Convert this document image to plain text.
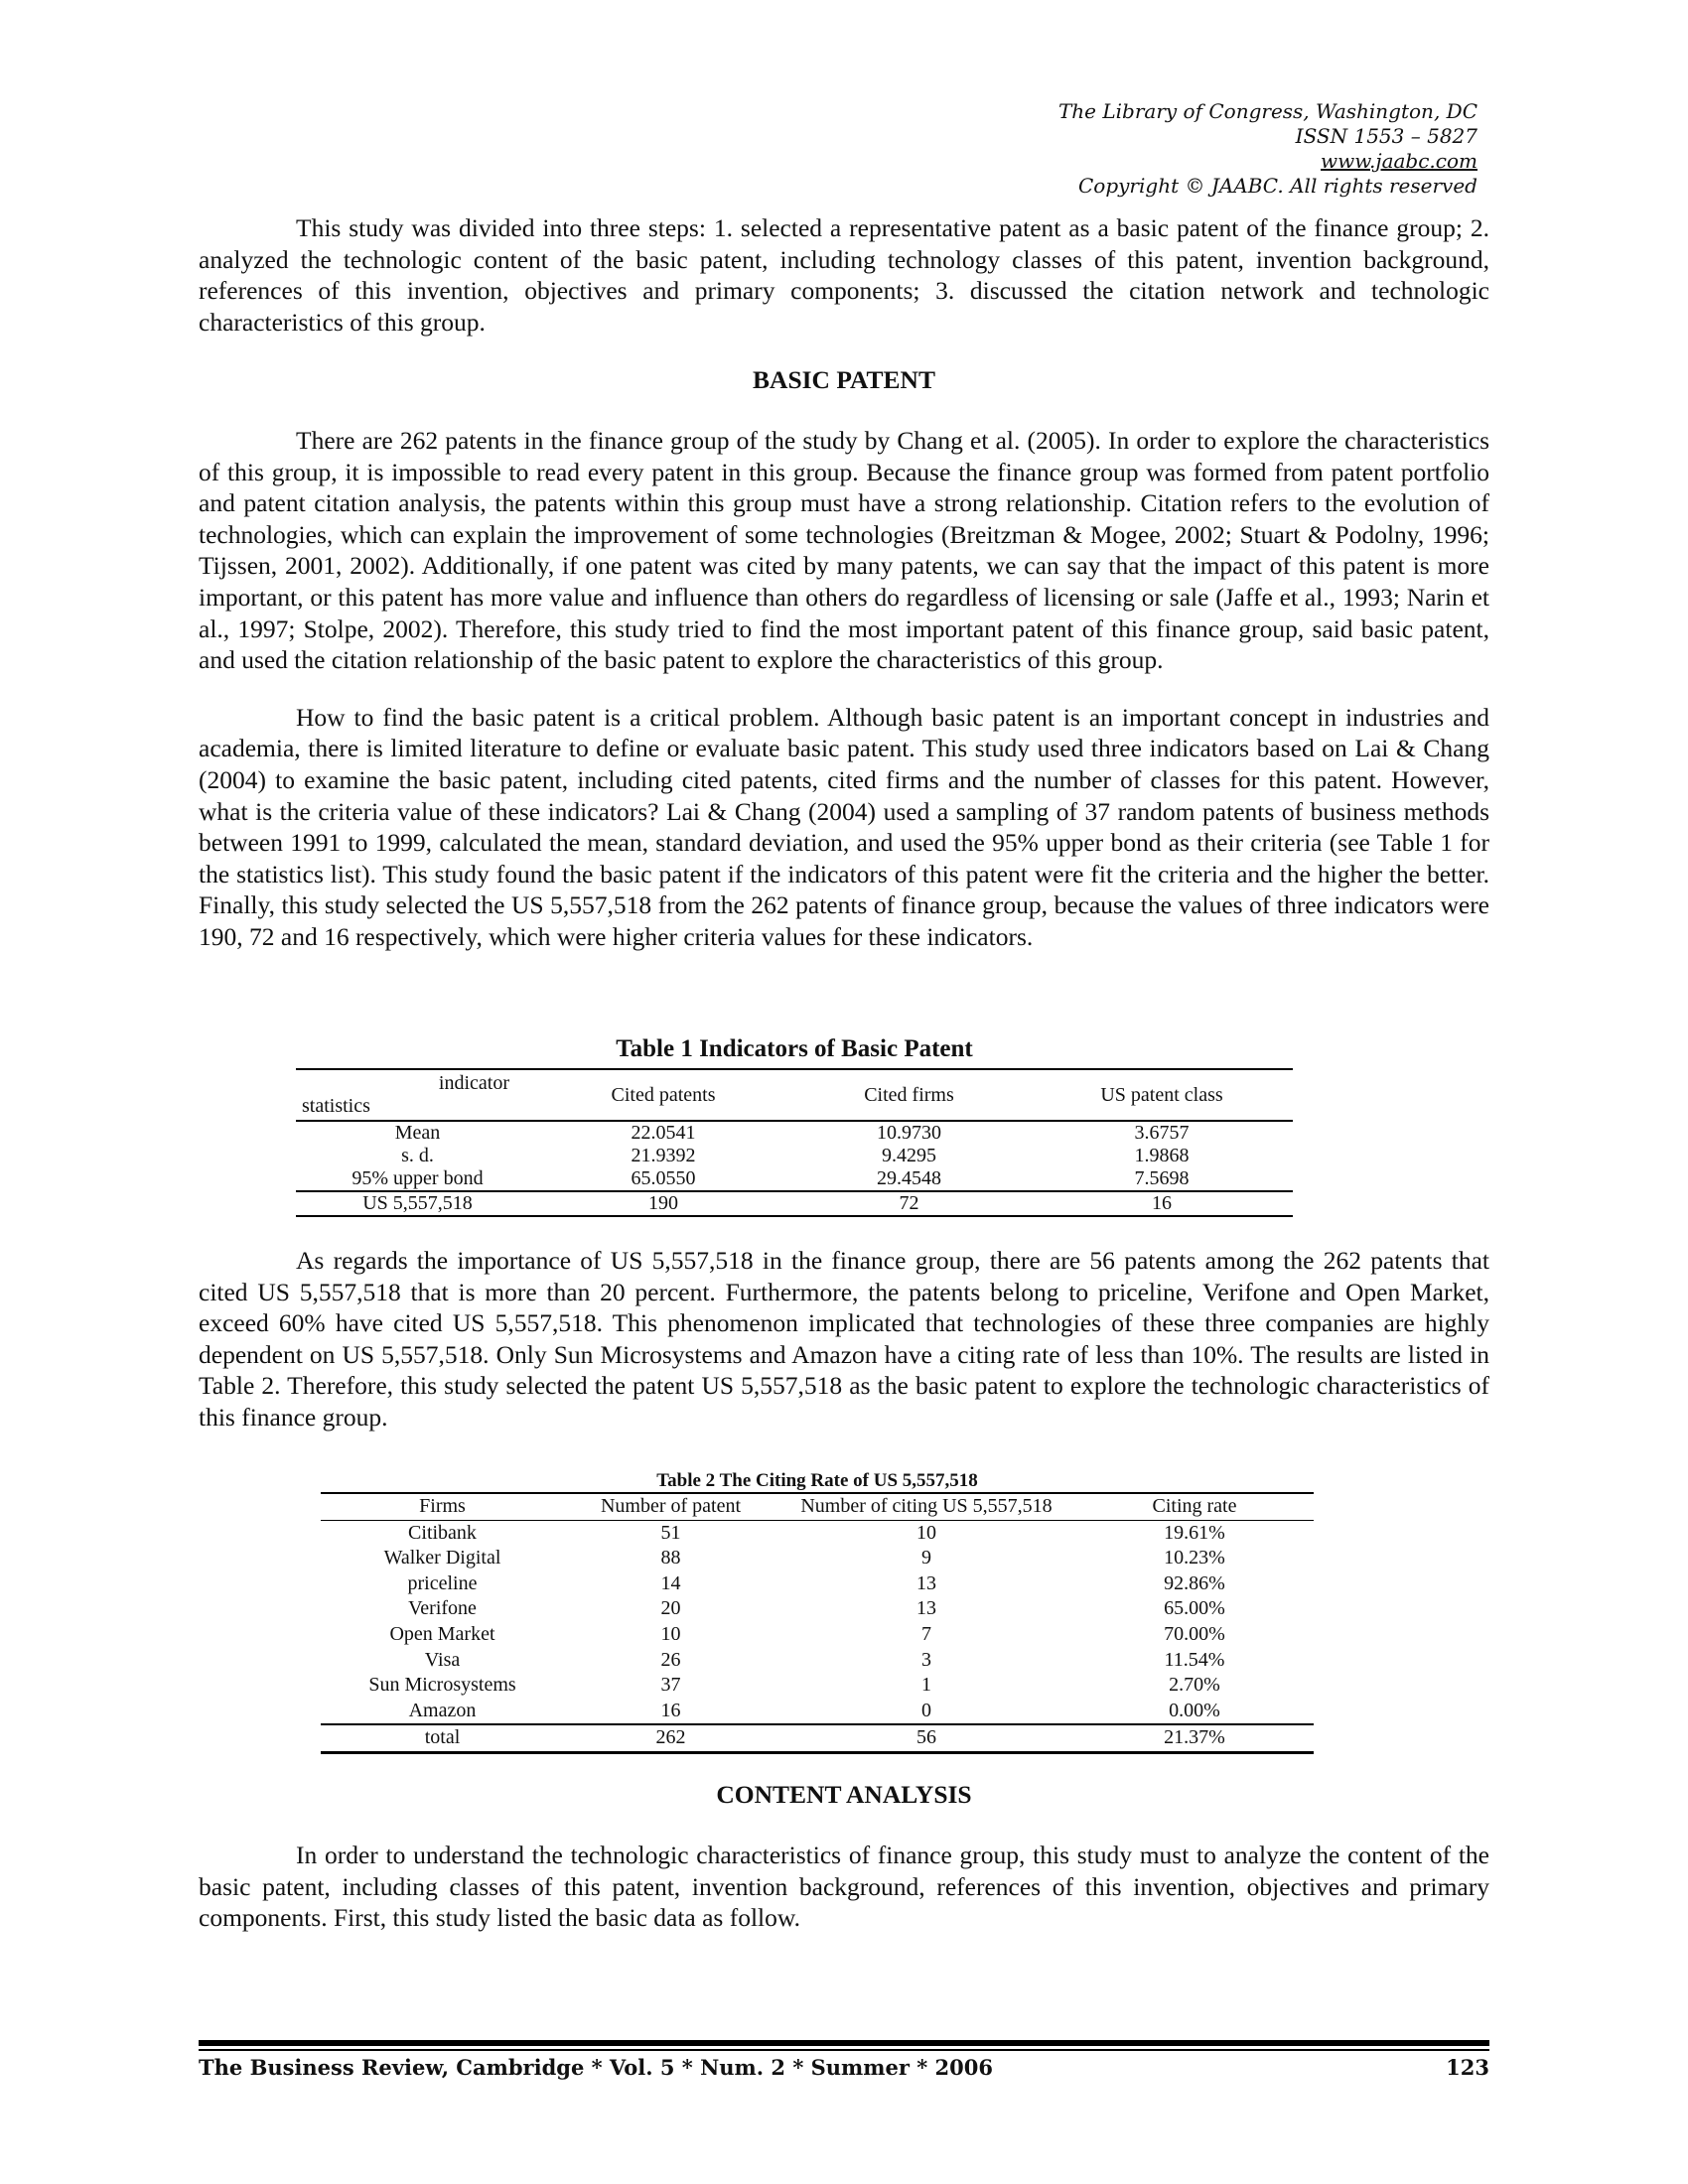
The Library of Congress, Washington, DC
ISSN 1553 – 5827
www.jaabc.com
Copyright © JAABC. All rights reserved

This study was divided into three steps: 1. selected a representative patent as a basic patent of the finance group; 2. analyzed the technologic content of the basic patent, including technology classes of this patent, invention background, references of this invention, objectives and primary components; 3. discussed the citation network and technologic characteristics of this group.

BASIC PATENT

There are 262 patents in the finance group of the study by Chang et al. (2005). In order to explore the characteristics of this group, it is impossible to read every patent in this group. Because the finance group was formed from patent portfolio and patent citation analysis, the patents within this group must have a strong relationship. Citation refers to the evolution of technologies, which can explain the improvement of some technologies (Breitzman & Mogee, 2002; Stuart & Podolny, 1996; Tijssen, 2001, 2002). Additionally, if one patent was cited by many patents, we can say that the impact of this patent is more important, or this patent has more value and influence than others do regardless of licensing or sale (Jaffe et al., 1993; Narin et al., 1997; Stolpe, 2002). Therefore, this study tried to find the most important patent of this finance group, said basic patent, and used the citation relationship of the basic patent to explore the characteristics of this group.

How to find the basic patent is a critical problem. Although basic patent is an important concept in industries and academia, there is limited literature to define or evaluate basic patent. This study used three indicators based on Lai & Chang (2004) to examine the basic patent, including cited patents, cited firms and the number of classes for this patent. However, what is the criteria value of these indicators? Lai & Chang (2004) used a sampling of 37 random patents of business methods between 1991 to 1999, calculated the mean, standard deviation, and used the 95% upper bond as their criteria (see Table 1 for the statistics list). This study found the basic patent if the indicators of this patent were fit the criteria and the higher the better. Finally, this study selected the US 5,557,518 from the 262 patents of finance group, because the values of three indicators were 190, 72 and 16 respectively, which were higher criteria values for these indicators.

Table 1 Indicators of Basic Patent
indicator
statistics	Cited patents	Cited firms	US patent class
Mean	22.0541	10.9730	3.6757
s. d.	21.9392	9.4295	1.9868
95% upper bond	65.0550	29.4548	7.5698
US 5,557,518	190	72	16

As regards the importance of US 5,557,518 in the finance group, there are 56 patents among the 262 patents that cited US 5,557,518 that is more than 20 percent. Furthermore, the patents belong to priceline, Verifone and Open Market, exceed 60% have cited US 5,557,518. This phenomenon implicated that technologies of these three companies are highly dependent on US 5,557,518. Only Sun Microsystems and Amazon have a citing rate of less than 10%. The results are listed in Table 2. Therefore, this study selected the patent US 5,557,518 as the basic patent to explore the technologic characteristics of this finance group.

Table 2 The Citing Rate of US 5,557,518
Firms	Number of patent	Number of citing US 5,557,518	Citing rate
Citibank	51	10	19.61%
Walker Digital	88	9	10.23%
priceline	14	13	92.86%
Verifone	20	13	65.00%
Open Market	10	7	70.00%
Visa	26	3	11.54%
Sun Microsystems	37	1	2.70%
Amazon	16	0	0.00%
total	262	56	21.37%
CONTENT ANALYSIS

In order to understand the technologic characteristics of finance group, this study must to analyze the content of the basic patent, including classes of this patent, invention background, references of this invention, objectives and primary components. First, this study listed the basic data as follow.

The Business Review, Cambridge * Vol. 5 * Num. 2 * Summer * 2006	123
